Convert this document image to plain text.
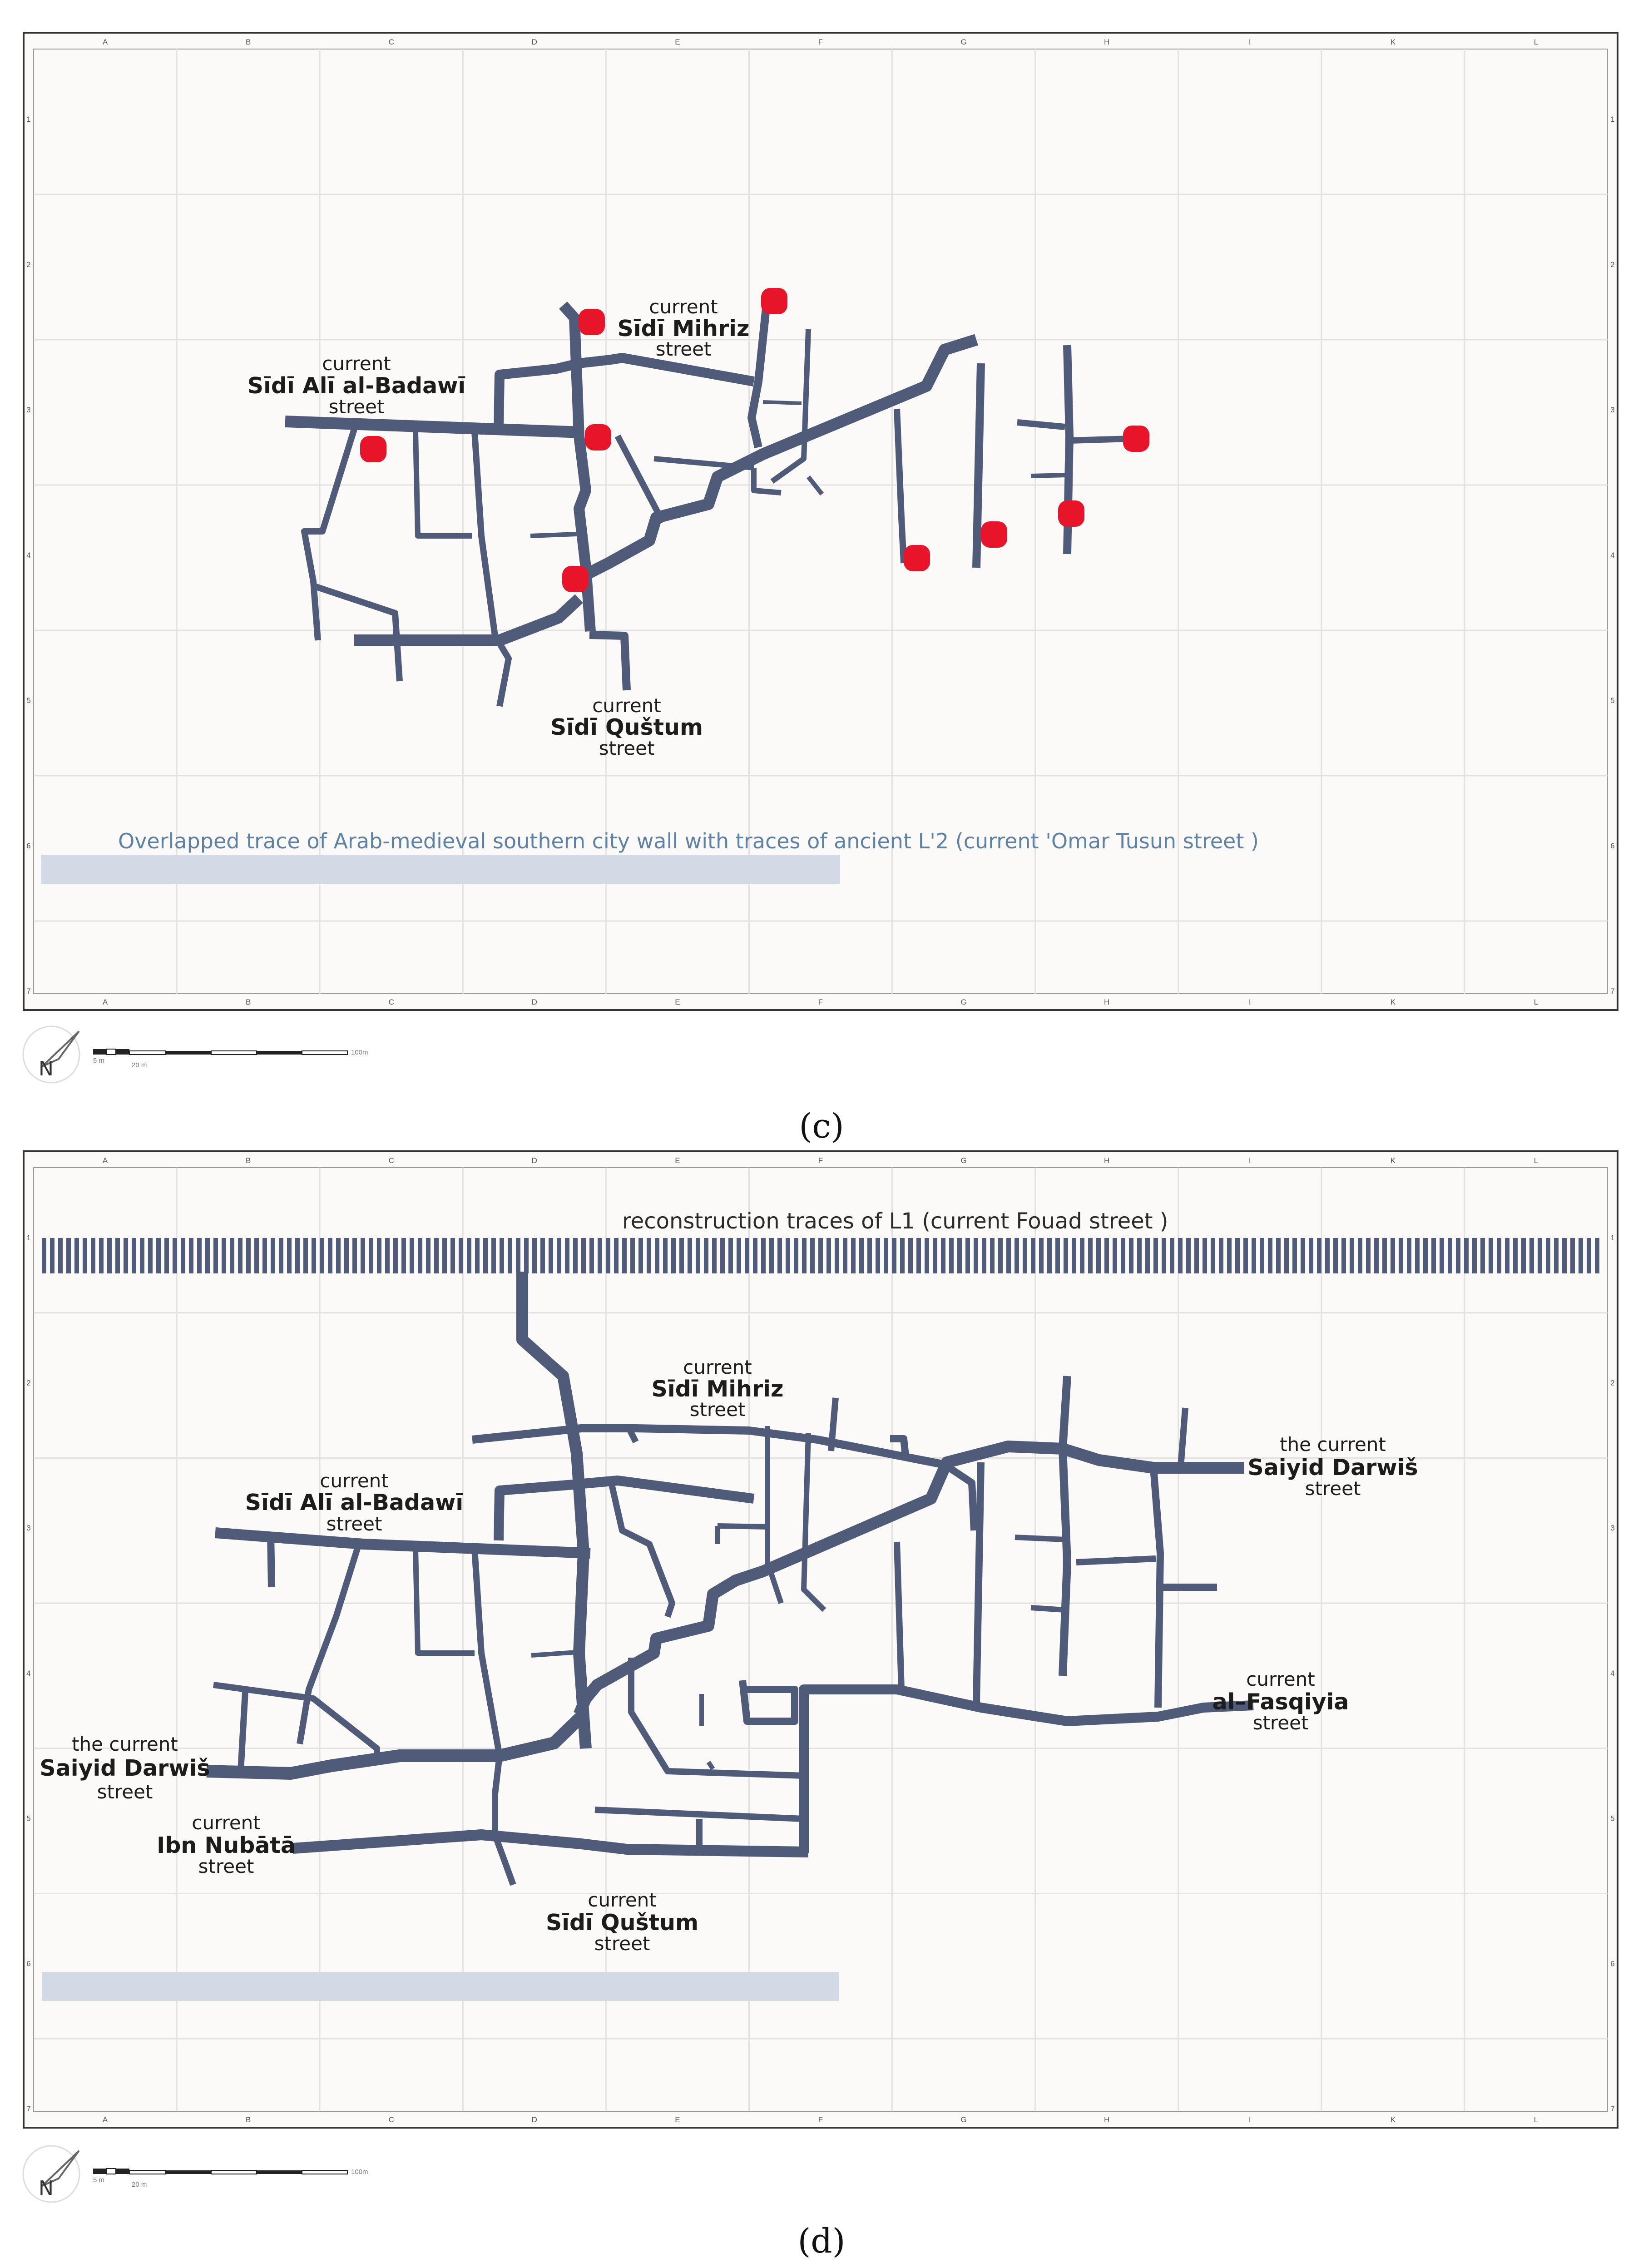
A
A
B
B
C
C
D
D
E
E
F
F
G
G
H
H
I
I
K
K
L
L
1	1
2	2
3	3
4	4
5	5
6	6
7	7
current
Sīdī Alī al-Badawī
street
current
Sīdī Mihriz
street
current
Sīdī Quštum
street
Overlapped trace of Arab-medieval southern city wall with traces of ancient L'2 (current 'Omar Tusun street )
N	5 m
20 m
100m
(c)
A
A
B
B
C
C
D
D
E
E
F
F
G
G
H
H
I
I
K
K
L
L
1	1
2	2
3	3
4	4
5	5
6	6
7	7
reconstruction traces of L1 (current Fouad street )
current
Sīdī Mihriz
street
current
Sīdī Alī al-Badawī
street
the current
Saiyid Darwiš
street
current
al–Fasqiyia
street
the current
Saiyid Darwiš
street
current
Ibn Nubātā
street
current
Sīdī Quštum
street
N	5 m
20 m
100m
(d)
